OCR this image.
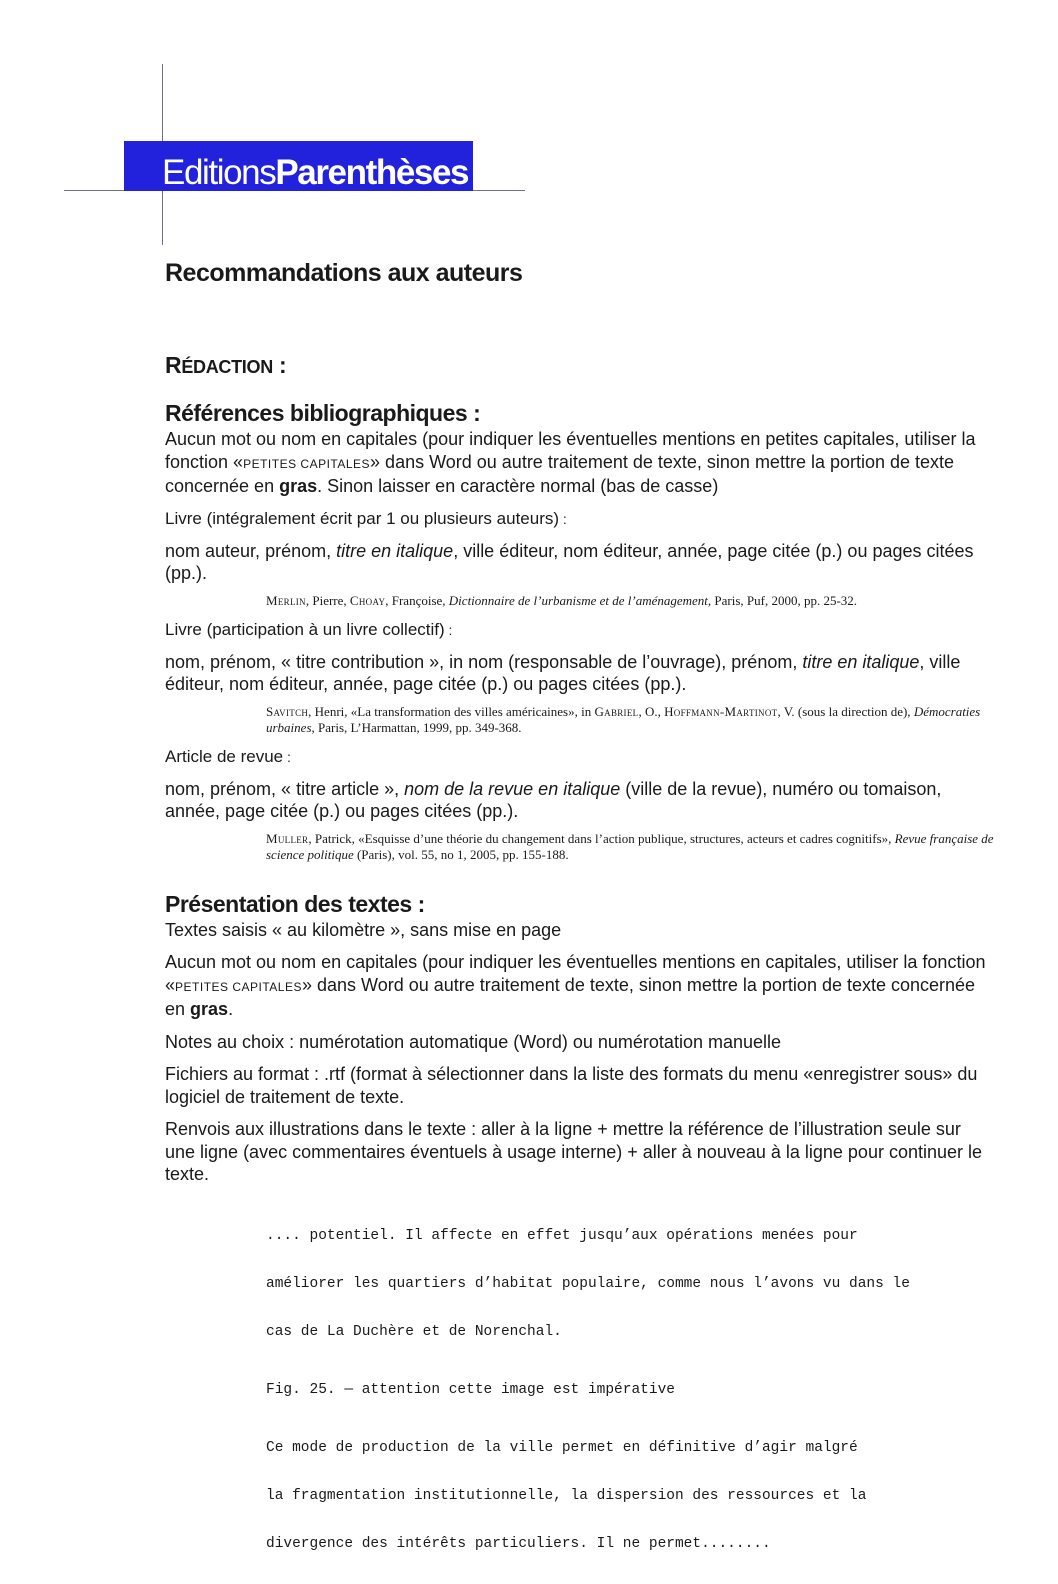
EditionsParenthèses
Recommandations aux auteurs
RÉDACTION :
Références bibliographiques :

Aucun mot ou nom en capitales (pour indiquer les éventuelles mentions en petites capitales, utiliser la fonction «PETITES CAPITALES» dans Word ou autre traitement de texte, sinon mettre la portion de texte concernée en gras. Sinon laisser en caractère normal (bas de casse)

Livre (intégralement écrit par 1 ou plusieurs auteurs) :

nom auteur, prénom, titre en italique, ville éditeur, nom éditeur, année, page citée (p.) ou pages citées (pp.).

Merlin, Pierre, Choay, Françoise, Dictionnaire de l’urbanisme et de l’aménagement, Paris, Puf, 2000, pp. 25-32.
Livre (participation à un livre collectif) :

nom, prénom, « titre contribution », in nom (responsable de l’ouvrage), prénom, titre en italique, ville éditeur, nom éditeur, année, page citée (p.) ou pages citées (pp.).

Savitch, Henri, «La transformation des villes américaines», in Gabriel, O., Hoffmann-Martinot, V. (sous la direction de), Démocraties urbaines, Paris, L’Harmattan, 1999, pp. 349-368.
Article de revue :

nom, prénom, « titre article », nom de la revue en italique (ville de la revue), numéro ou tomaison, année, page citée (p.) ou pages citées (pp.).

Muller, Patrick, «Esquisse d’une théorie du changement dans l’action publique, structures, acteurs et cadres cognitifs», Revue française de science politique (Paris), vol. 55, no 1, 2005, pp. 155-188.
Présentation des textes :

Textes saisis « au kilomètre », sans mise en page

Aucun mot ou nom en capitales (pour indiquer les éventuelles mentions en capitales, utiliser la fonction «PETITES CAPITALES» dans Word ou autre traitement de texte, sinon mettre la portion de texte concernée en gras.

Notes au choix : numérotation automatique (Word) ou numérotation manuelle

Fichiers au format : .rtf (format à sélectionner dans la liste des formats du menu «enregistrer sous» du logiciel de traitement de texte.

Renvois aux illustrations dans le texte : aller à la ligne + mettre la référence de l’illustration seule sur une ligne (avec commentaires éventuels à usage interne) + aller à nouveau à la ligne pour continuer le texte.

.... potentiel. Il affecte en effet jusqu’aux opérations menées pour

améliorer les quartiers d’habitat populaire, comme nous l’avons vu dans le

cas de La Duchère et de Norenchal.

Fig. 25. — attention cette image est impérative

Ce mode de production de la ville permet en définitive d’agir malgré

la fragmentation institutionnelle, la dispersion des ressources et la

divergence des intérêts particuliers. Il ne permet........
